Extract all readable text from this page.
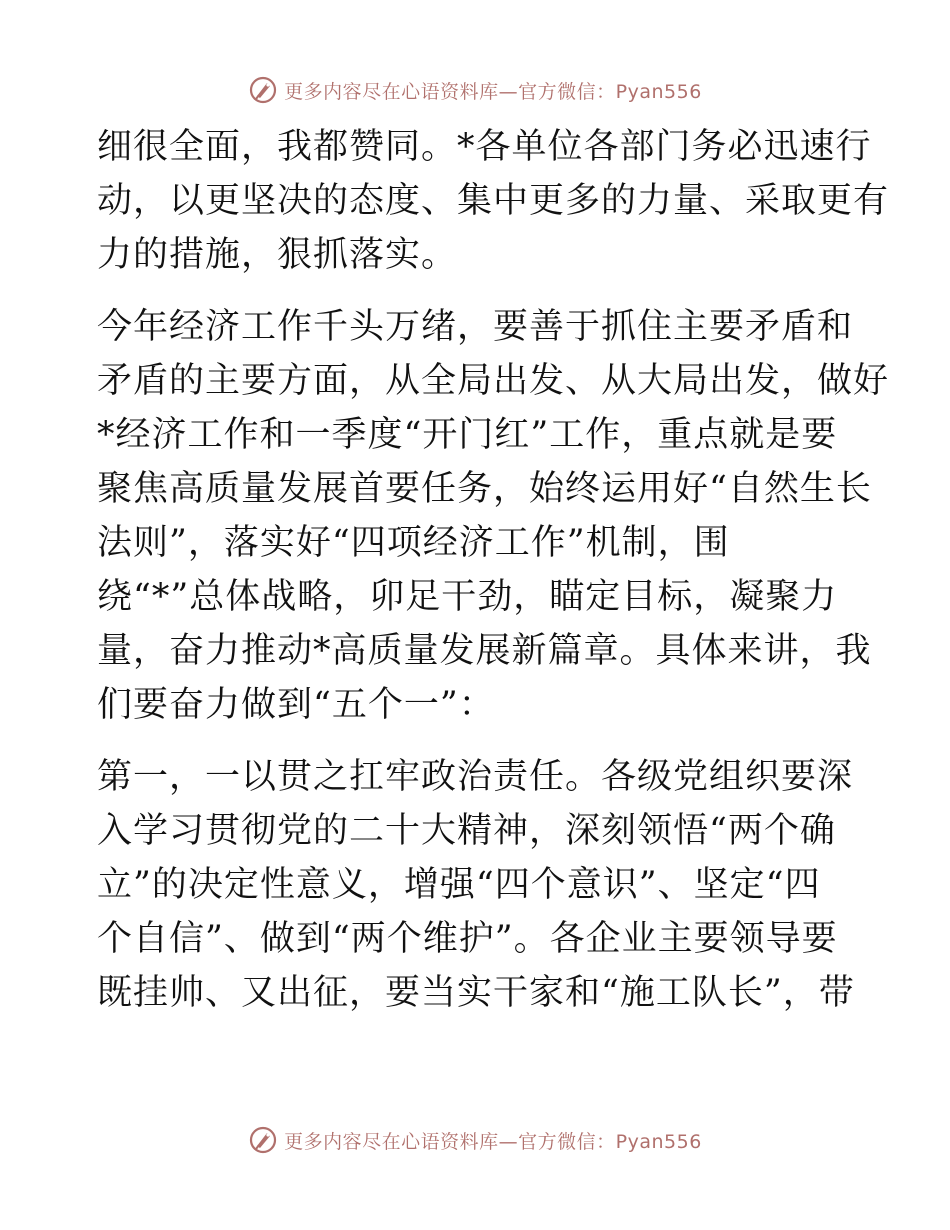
更多内容尽在心语资料库—官方微信：Pyan556

细很全面，我都赞同。*各单位各部门务必迅速行
动，以更坚决的态度、集中更多的力量、采取更有
力的措施，狠抓落实。

今年经济工作千头万绪，要善于抓住主要矛盾和
矛盾的主要方面，从全局出发、从大局出发，做好
*经济工作和一季度“开门红”工作，重点就是要
聚焦高质量发展首要任务，始终运用好“自然生长
法则”，落实好“四项经济工作”机制，围
绕“*”总体战略，卯足干劲，瞄定目标，凝聚力
量，奋力推动*高质量发展新篇章。具体来讲，我
们要奋力做到“五个一”：

第一，一以贯之扛牢政治责任。各级党组织要深
入学习贯彻党的二十大精神，深刻领悟“两个确
立”的决定性意义，增强“四个意识”、坚定“四
个自信”、做到“两个维护”。各企业主要领导要
既挂帅、又出征，要当实干家和“施工队长”，带

更多内容尽在心语资料库—官方微信：Pyan556
